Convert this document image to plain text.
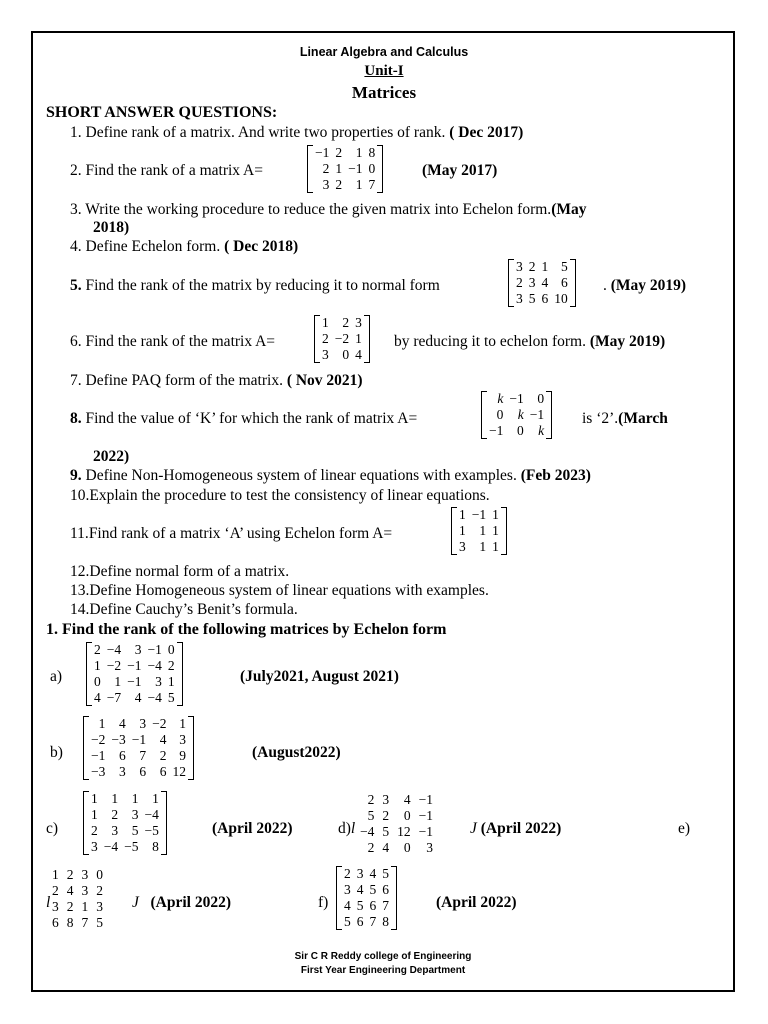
Linear Algebra and Calculus
Unit-I
Matrices
SHORT ANSWER QUESTIONS:
1. Define rank of a matrix. And write two properties of rank. ( Dec 2017)
2. Find the rank of a matrix A=
−1	2	1	8
2	1	−1	0
3	2	1	7
(May 2017)
3. Write the working procedure to reduce the given matrix into Echelon form.(May
2018)
4. Define Echelon form. ( Dec 2018)
5. Find the rank of the matrix by reducing it to normal form
3	2	1	5
2	3	4	6
3	5	6	10
. (May 2019)
6. Find the rank of the matrix A=
1	2	3
2	−2	1
3	0	4
by reducing it to echelon form. (May 2019)
7. Define PAQ form of the matrix. ( Nov 2021)
8. Find the value of ‘K’ for which the rank of matrix A=
k	−1	0
0	k	−1
−1	0	k
is ‘2’.(March
2022)
9. Define Non-Homogeneous system of linear equations with examples. (Feb 2023)
10.Explain the procedure to test the consistency of linear equations.
11.Find rank of a matrix ‘A’ using Echelon form A=
1	−1	1
1	1	1
3	1	1
12.Define normal form of a matrix.
13.Define Homogeneous system of linear equations with examples.
14.Define Cauchy’s Benit’s formula.
1. Find the rank of the following matrices by Echelon form
a)
2	−4	3	−1	0
1	−2	−1	−4	2
0	1	−1	3	1
4	−7	4	−4	5
(July2021, August 2021)
b)
1	4	3	−2	1
−2	−3	−1	4	3
−1	6	7	2	9
−3	3	6	6	12
(August2022)
c)
1	1	1	1
1	2	3	−4
2	3	5	−5
3	−4	−5	8
(April 2022)	d)l
2	3	4	−1
5	2	0	−1
−4	5	12	−1
2	4	0	3
J (April 2022)	e)
l
1	2	3	0
2	4	3	2
3	2	1	3
6	8	7	5
J (April 2022)	f)
2	3	4	5
3	4	5	6
4	5	6	7
5	6	7	8
(April 2022)
Sir C R Reddy college of Engineering
First Year Engineering Department
